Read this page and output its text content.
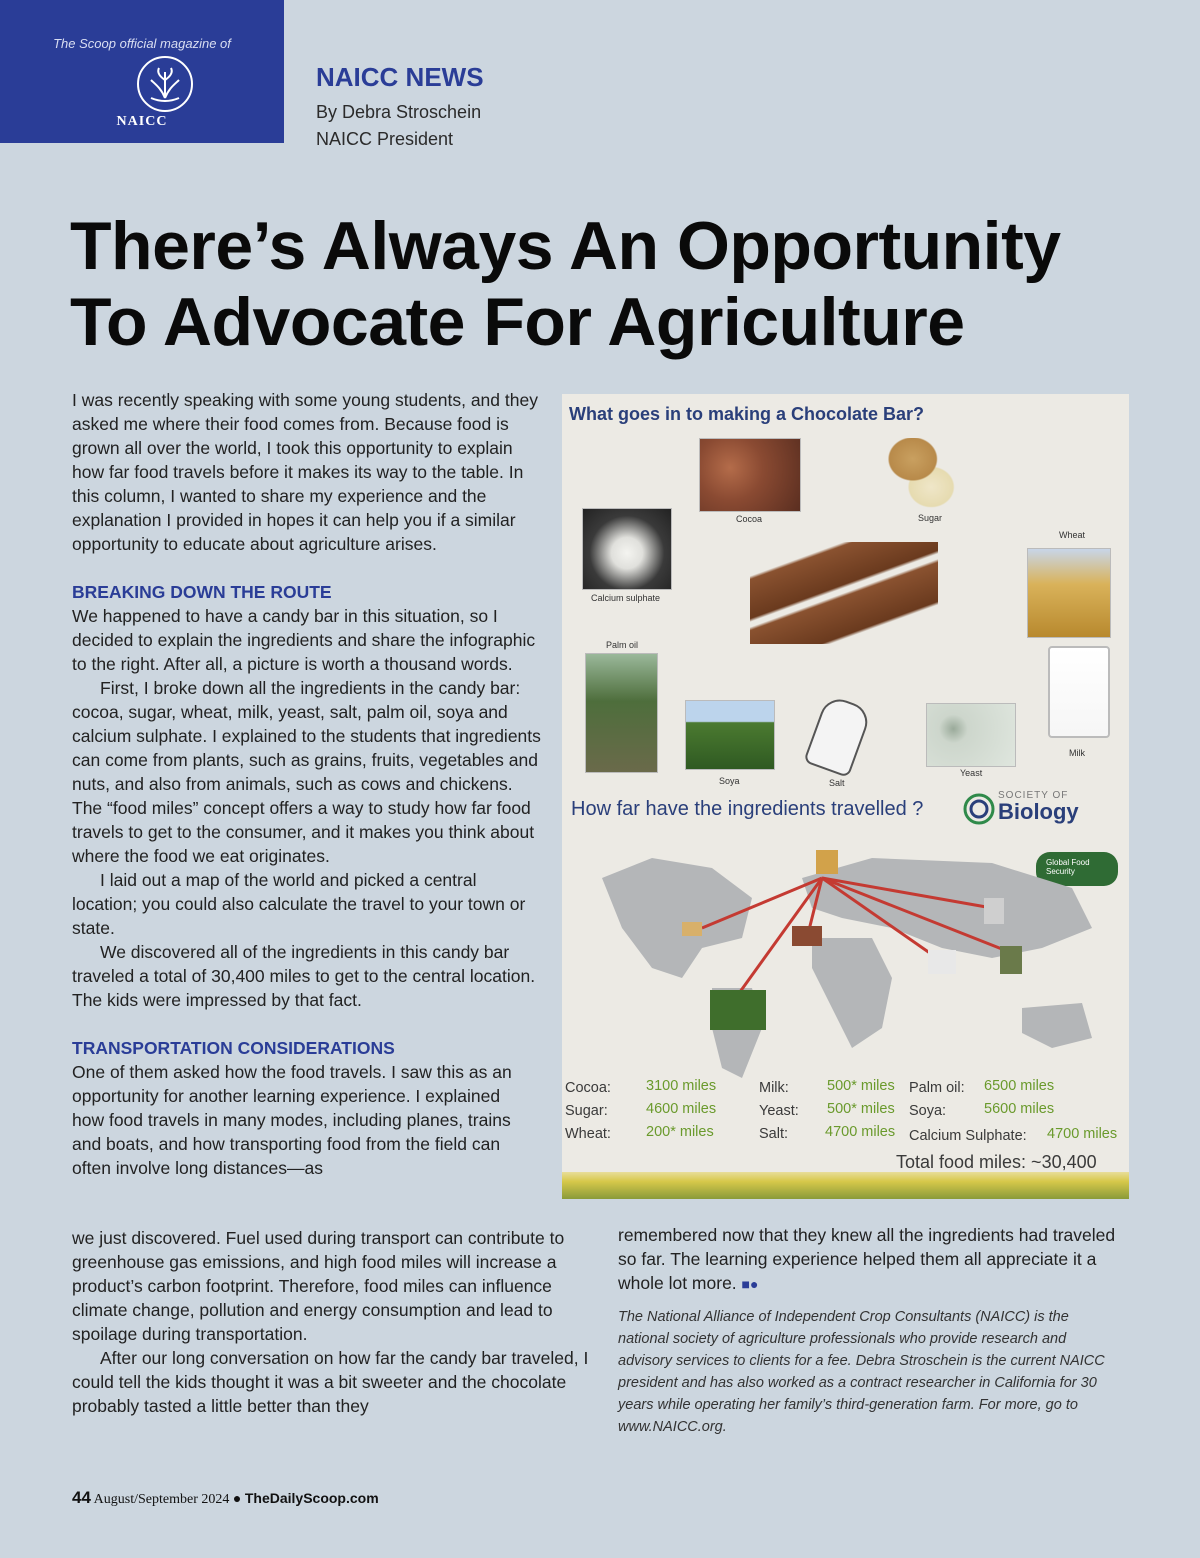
The Scoop official magazine of
NAICC
NAICC NEWS
By Debra Stroschein
NAICC President
There’s Always An Opportunity
To Advocate For Agriculture

I was recently speaking with some young students, and they asked me where their food comes from. Because food is grown all over the world, I took this opportunity to explain how far food travels before it makes its way to the table. In this column, I wanted to share my experience and the explanation I provided in hopes it can help you if a similar opportunity to educate about agriculture arises.

BREAKING DOWN THE ROUTE

We happened to have a candy bar in this situation, so I decided to explain the ingredients and share the infographic to the right. After all, a picture is worth a thousand words.

First, I broke down all the ingredients in the candy bar: cocoa, sugar, wheat, milk, yeast, salt, palm oil, soya and calcium sulphate. I explained to the students that ingredients can come from plants, such as grains, fruits, vegetables and nuts, and also from animals, such as cows and chickens. The “food miles” concept offers a way to study how far food travels to get to the consumer, and it makes you think about where the food we eat originates.

I laid out a map of the world and picked a central location; you could also calculate the travel to your town or state.

We discovered all of the ingredients in this candy bar traveled a total of 30,400 miles to get to the central location. The kids were impressed by that fact.

TRANSPORTATION CONSIDERATIONS

One of them asked how the food travels. I saw this as an opportunity for another learning experience. I explained how food travels in many modes, including planes, trains and boats, and how transporting food from the field can often involve long distances—as

we just discovered. Fuel used during transport can contribute to greenhouse gas emissions, and high food miles will increase a product’s carbon footprint. Therefore, food miles can influence climate change, pollution and energy consumption and lead to spoilage during transportation.

After our long conversation on how far the candy bar traveled, I could tell the kids thought it was a bit sweeter and the chocolate probably tasted a little better than they

remembered now that they knew all the ingredients had traveled so far. The learning experience helped them all appreciate it a whole lot more. ■●
The National Alliance of Independent Crop Consultants (NAICC) is the national society of agriculture professionals who provide research and advisory services to clients for a fee. Debra Stroschein is the current NAICC president and has also worked as a contract researcher in California for 30 years while operating her family’s third-generation farm. For more, go to www.NAICC.org.
What goes in to making a Chocolate Bar?
Cocoa	Sugar
Wheat
Calcium sulphate
Palm oil
Soya	Salt
Yeast
Milk
How far have the ingredients travelled ?
SOCIETY OF
Biology
Global Food Security
Cocoa: 3100 miles
Sugar:	4600 miles
Wheat: 200* miles
Milk:	500* miles
Yeast: 500* miles
Salt:	4700 miles
Palm oil: 6500 miles
Soya:	5600 miles
Calcium Sulphate: 4700 miles
Total food miles: ~30,400
44 August/September 2024 ● TheDailyScoop.com
